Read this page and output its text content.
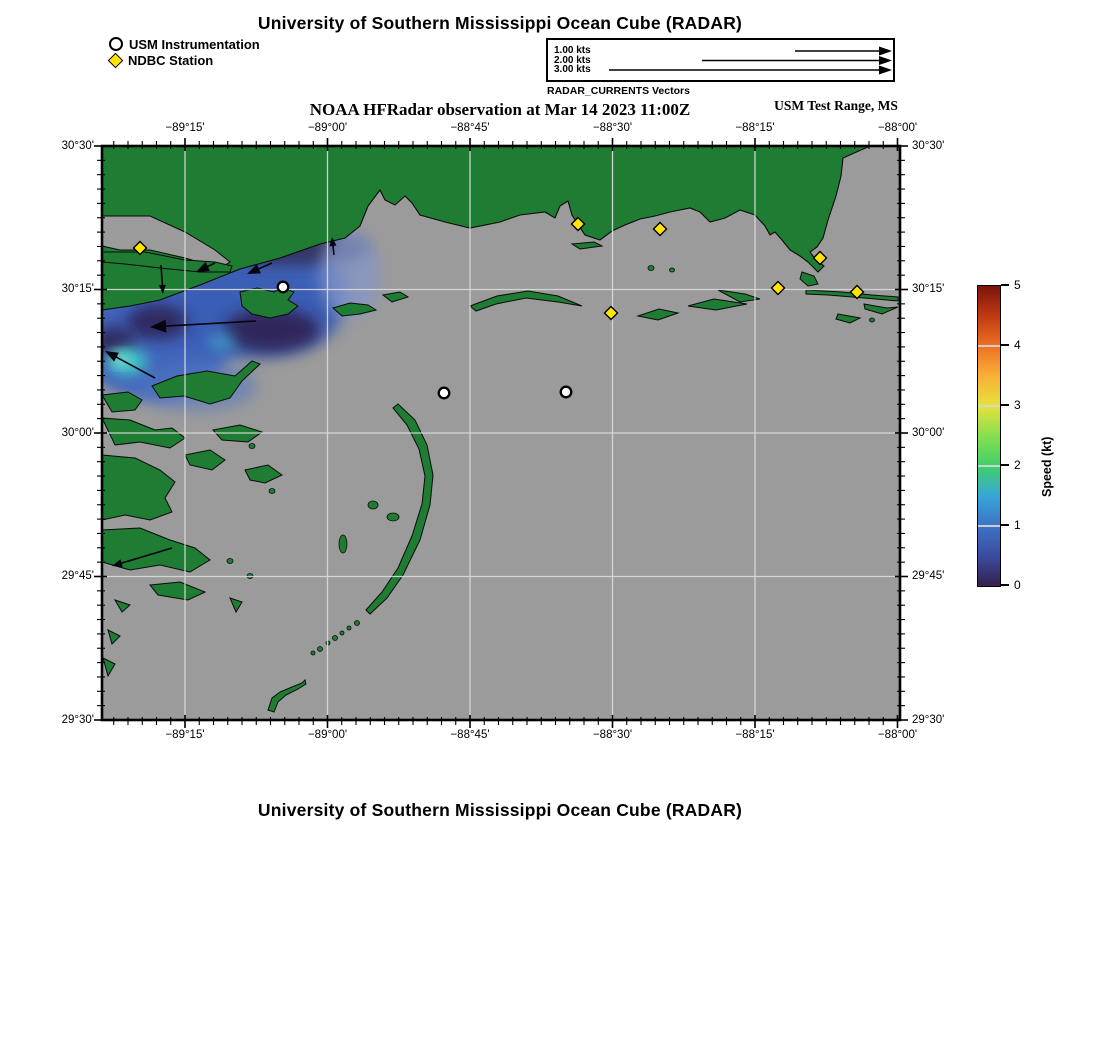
University of Southern Mississippi Ocean Cube (RADAR)
USM Instrumentation
NDBC Station
1.00 kts
2.00 kts
3.00 kts
RADAR_CURRENTS Vectors
NOAA HFRadar observation at Mar 14 2023 11:00Z	USM Test Range, MS
−89°15'	−89°00'	−88°45'	−88°30'	−88°15'	−88°00'
−89°15'	−89°00'	−88°45'	−88°30'	−88°15'	−88°00'
30°30'
30°15'
30°00'
29°45'
29°30'
30°30'
30°15'
30°00'
29°45'
29°30'
0
1
2
3
4
5
Speed (kt)
University of Southern Mississippi Ocean Cube (RADAR)
